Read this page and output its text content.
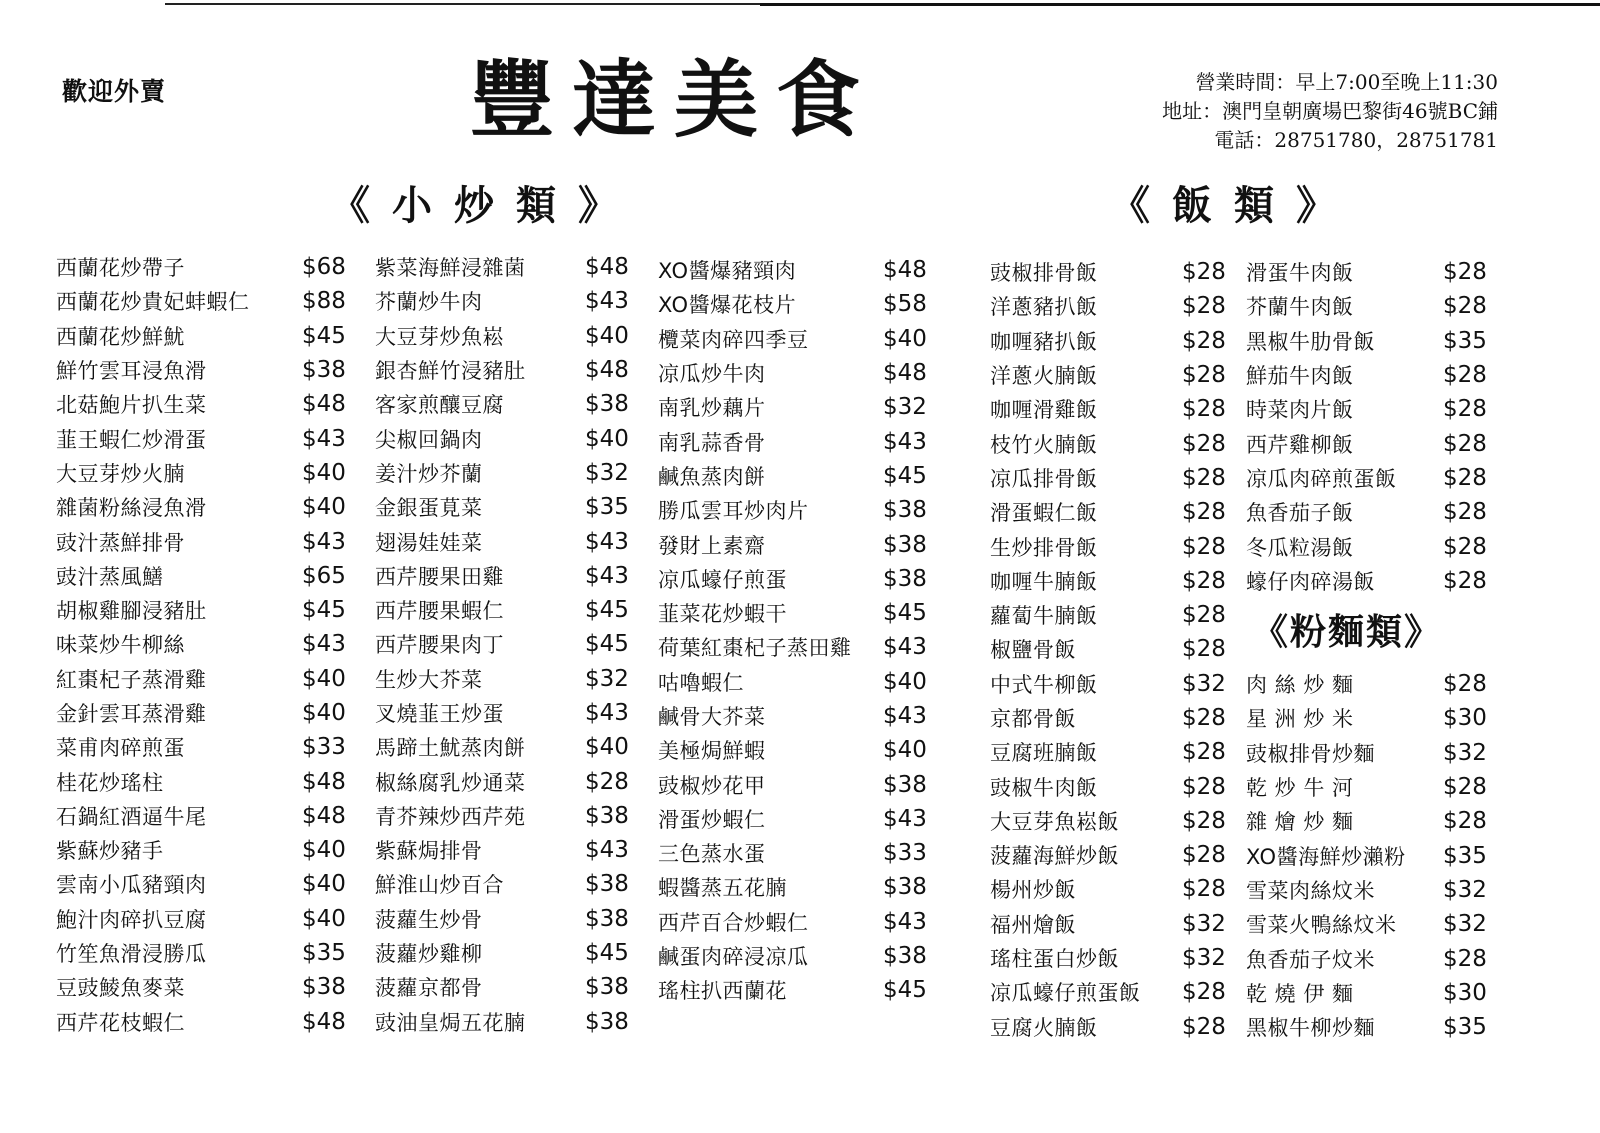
歡迎外賣	豐達美食	營業時間：早上7:00至晚上11:30
地址：澳門皇朝廣場巴黎街46號BC鋪
電話：28751780，28751781
《小炒類》	《飯類》
《粉麵類》
西蘭花炒帶子	$68
西蘭花炒貴妃蚌蝦仁 $88
西蘭花炒鮮魷	$45
鮮竹雲耳浸魚滑	$38
北菇鮑片扒生菜	$48
韮王蝦仁炒滑蛋	$43
大豆芽炒火腩	$40
雜菌粉絲浸魚滑	$40
豉汁蒸鮮排骨	$43
豉汁蒸風鱔	$65
胡椒雞腳浸豬肚	$45
味菜炒牛柳絲	$43
紅棗杞子蒸滑雞	$40
金針雲耳蒸滑雞	$40
菜甫肉碎煎蛋	$33
桂花炒瑤柱	$48
石鍋紅酒逼牛尾	$48
紫蘇炒豬手	$40
雲南小瓜豬頸肉	$40
鮑汁肉碎扒豆腐	$40
竹笙魚滑浸勝瓜	$35
豆豉鯪魚麥菜	$38
西芹花枝蝦仁	$48
紫菜海鮮浸雜菌	$48
芥蘭炒牛肉	$43
大豆芽炒魚崧	$40
銀杏鮮竹浸豬肚	$48
客家煎釀豆腐	$38
尖椒回鍋肉	$40
姜汁炒芥蘭	$32
金銀蛋莧菜	$35
翅湯娃娃菜	$43
西芹腰果田雞	$43
西芹腰果蝦仁	$45
西芹腰果肉丁	$45
生炒大芥菜	$32
叉燒韮王炒蛋	$43
馬蹄土魷蒸肉餅	$40
椒絲腐乳炒通菜	$28
青芥辣炒西芹苑	$38
紫蘇焗排骨	$43
鮮淮山炒百合	$38
菠蘿生炒骨	$38
菠蘿炒雞柳	$45
菠蘿京都骨	$38
豉油皇焗五花腩	$38
XO醬爆豬頸肉	$48
XO醬爆花枝片	$58
欖菜肉碎四季豆	$40
凉瓜炒牛肉	$48
南乳炒藕片	$32
南乳蒜香骨	$43
鹹魚蒸肉餅	$45
勝瓜雲耳炒肉片	$38
發財上素齋	$38
凉瓜蠔仔煎蛋	$38
韮菜花炒蝦干	$45
荷葉紅棗杞子蒸田雞 $43
咕嚕蝦仁	$40
鹹骨大芥菜	$43
美極焗鮮蝦	$40
豉椒炒花甲	$38
滑蛋炒蝦仁	$43
三色蒸水蛋	$33
蝦醬蒸五花腩	$38
西芹百合炒蝦仁	$43
鹹蛋肉碎浸凉瓜	$38
瑤柱扒西蘭花	$45
豉椒排骨飯	$28
洋蔥豬扒飯	$28
咖喱豬扒飯	$28
洋蔥火腩飯	$28
咖喱滑雞飯	$28
枝竹火腩飯	$28
凉瓜排骨飯	$28
滑蛋蝦仁飯	$28
生炒排骨飯	$28
咖喱牛腩飯	$28
蘿蔔牛腩飯	$28
椒鹽骨飯	$28
中式牛柳飯	$32
京都骨飯	$28
豆腐班腩飯	$28
豉椒牛肉飯	$28
大豆芽魚崧飯	$28
菠蘿海鮮炒飯	$28
楊州炒飯	$28
福州燴飯	$32
瑤柱蛋白炒飯	$32
凉瓜蠔仔煎蛋飯 $28
豆腐火腩飯	$28
滑蛋牛肉飯	$28
芥蘭牛肉飯	$28
黑椒牛肋骨飯	$35
鮮茄牛肉飯	$28
時菜肉片飯	$28
西芹雞柳飯	$28
凉瓜肉碎煎蛋飯 $28
魚香茄子飯	$28
冬瓜粒湯飯	$28
蠔仔肉碎湯飯	$28
肉 絲 炒 麵	$28
星 洲 炒 米	$30
豉椒排骨炒麵	$32
乾 炒 牛 河	$28
雜 燴 炒 麵	$28
XO醬海鮮炒瀨粉 $35
雪菜肉絲炆米	$32
雪菜火鴨絲炆米 $32
魚香茄子炆米	$28
乾 燒 伊 麵	$30
黑椒牛柳炒麵	$35
